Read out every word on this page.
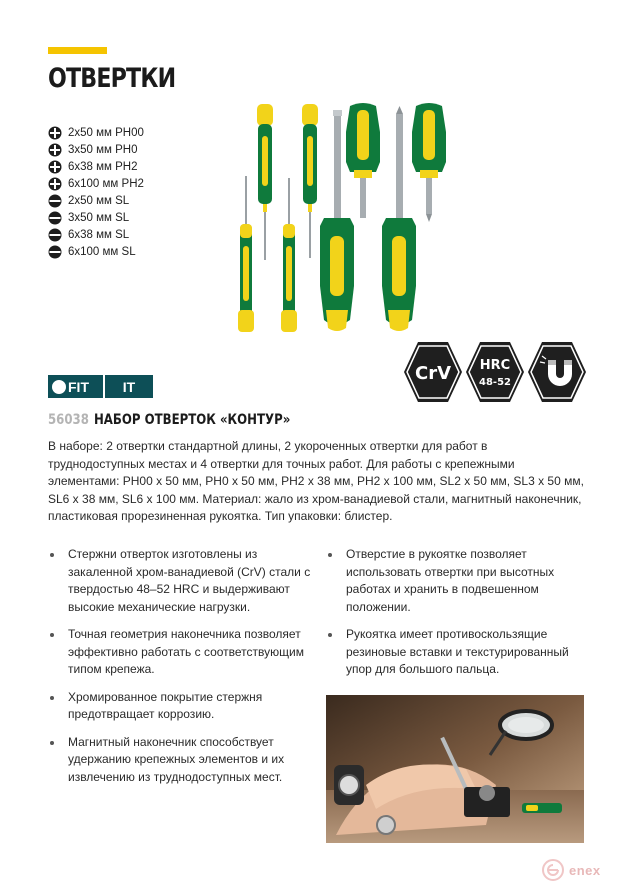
ОТВЕРТКИ
2x50 мм PH00
3x50 мм PH0
6x38 мм PH2
6x100 мм PH2
2x50 мм SL
3x50 мм SL
6x38 мм SL
6x100 мм SL
CrV HRC
48-52
FIT	IT
56038 НАБОР ОТВЕРТОК «КОНТУР»

В наборе: 2 отвертки стандартной длины, 2 укороченных отвертки для работ в труднодоступных местах и 4 отвертки для точных работ. Для работы с крепежными элементами: PH00 х 50 мм, PH0 х 50 мм, PH2 х 38 мм, PH2 х 100 мм, SL2 х 50 мм, SL3 х 50 мм, SL6 х 38 мм, SL6 х 100 мм. Материал: жало из хром-ванадиевой стали, магнитный наконечник, пластиковая прорезиненная рукоятка. Тип упаковки: блистер.

Стержни отверток изготовлены из закаленной хром-ванадиевой (CrV) стали с твердостью 48–52 HRC и выдерживают высокие механические нагрузки.
Точная геометрия наконечника позволяет эффективно работать с соответствующим типом крепежа.
Хромированное покрытие стержня предотвращает коррозию.
Магнитный наконечник способствует удержанию крепежных элементов и их извлечению из труднодоступных мест.
Отверстие в рукоятке позволяет использовать отвертки при высотных работах и хранить в подвешенном положении.
Рукоятка имеет противоскользящие резиновые вставки и текстурированный упор для большого пальца.
enex
